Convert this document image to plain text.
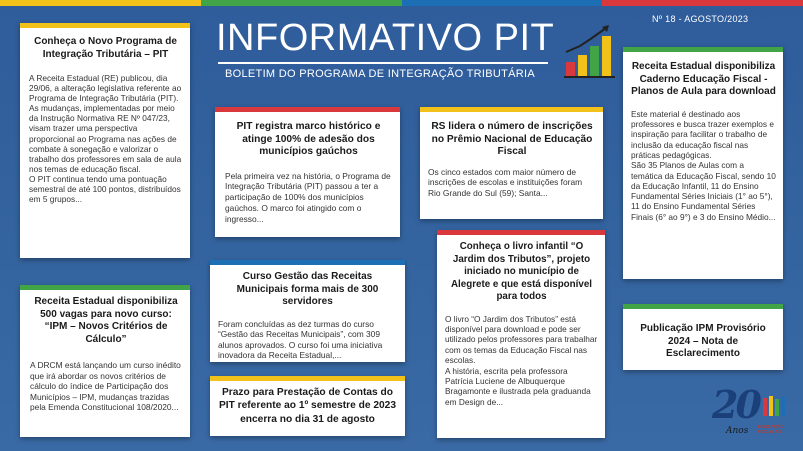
INFORMATIVO PIT
BOLETIM DO PROGRAMA DE INTEGRAÇÃO TRIBUTÁRIA
Nº 18 - AGOSTO/2023
Conheça o Novo Programa de Integração Tributária – PIT

A Receita Estadual (RE) publicou, dia 29/06, a alteração legislativa referente ao Programa de Integração Tributária (PIT). As mudanças, implementadas por meio da Instrução Normativa RE Nº 047/23, visam trazer uma perspectiva proporcional ao Programa nas ações de combate à sonegação e valorizar o trabalho dos professores em sala de aula nos temas de educação fiscal.
O PIT continua tendo uma pontuação semestral de até 100 pontos, distribuídos em 5 grupos...

Receita Estadual disponibiliza 500 vagas para novo curso: “IPM – Novos Critérios de Cálculo”

A DRCM está lançando um curso inédito que irá abordar os novos critérios de cálculo do índice de Participação dos Municípios – IPM, mudanças trazidas pela Emenda Constitucional 108/2020...

PIT registra marco histórico e atinge 100% de adesão dos municípios gaúchos

Pela primeira vez na história, o Programa de Integração Tributária (PIT) passou a ter a participação de 100% dos municípios gaúchos. O marco foi atingido com o ingresso...

RS lidera o número de inscrições no Prêmio Nacional de Educação Fiscal

Os cinco estados com maior número de inscrições de escolas e instituições foram Rio Grande do Sul (59); Santa...

Receita Estadual disponibiliza Caderno Educação Fiscal - Planos de Aula para download

Este material é destinado aos professores e busca trazer exemplos e inspiração para facilitar o trabalho de inclusão da educação fiscal nas práticas pedagógicas.
São 35 Planos de Aulas com a temática da Educação Fiscal, sendo 10 da Educação Infantil, 11 do Ensino Fundamental Séries Iniciais (1° ao 5°), 11 do Ensino Fundamental Séries Finais (6° ao 9°) e 3 do Ensino Médio...

Curso Gestão das Receitas Municipais forma mais de 300 servidores

Foram concluídas as dez turmas do curso “Gestão das Receitas Municipais”, com 309 alunos aprovados. O curso foi uma iniciativa inovadora da Receita Estadual,...

Conheça o livro infantil “O Jardim dos Tributos”, projeto iniciado no município de Alegrete e que está disponível para todos

O livro “O Jardim dos Tributos” está disponível para download e pode ser utilizado pelos professores para trabalhar com os temas da Educação Fiscal nas escolas.
A história, escrita pela professora Patrícia Luciene de Albuquerque Bragamonte e ilustrada pela graduanda em Design de...

Prazo para Prestação de Contas do PIT referente ao 1º semestre de 2023 encerra no dia 31 de agosto
Publicação IPM Provisório 2024 – Nota de Esclarecimento
20
Anos EDUCAÇÃO FISCAL RS
